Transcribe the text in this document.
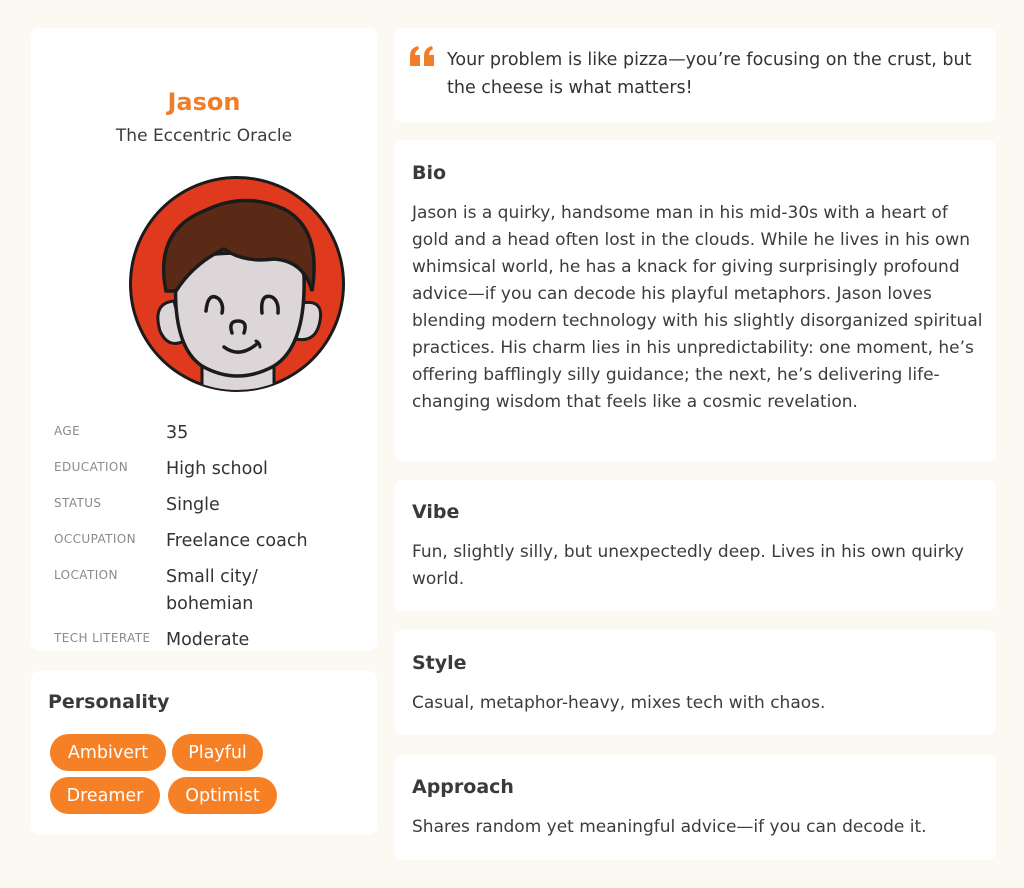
Jason
The Eccentric Oracle
AGE	35
EDUCATION	High school
STATUS	Single
OCCUPATION	Freelance coach
LOCATION	Small city/
bohemian
TECH LITERATE Moderate
Personality
Ambivert	Playful
Dreamer	Optimist
Your problem is like pizza—you’re focusing on the crust, but the cheese is what matters!
Bio

Jason is a quirky, handsome man in his mid-30s with a heart of gold and a head often lost in the clouds. While he lives in his own whimsical world, he has a knack for giving surprisingly profound advice—if you can decode his playful metaphors. Jason loves blending modern technology with his slightly disorganized spiritual practices. His charm lies in his unpredictability: one moment, he’s offering bafflingly silly guidance; the next, he’s delivering life-changing wisdom that feels like a cosmic revelation.

Vibe

Fun, slightly silly, but unexpectedly deep. Lives in his own quirky world.

Style

Casual, metaphor-heavy, mixes tech with chaos.

Approach

Shares random yet meaningful advice—if you can decode it.
